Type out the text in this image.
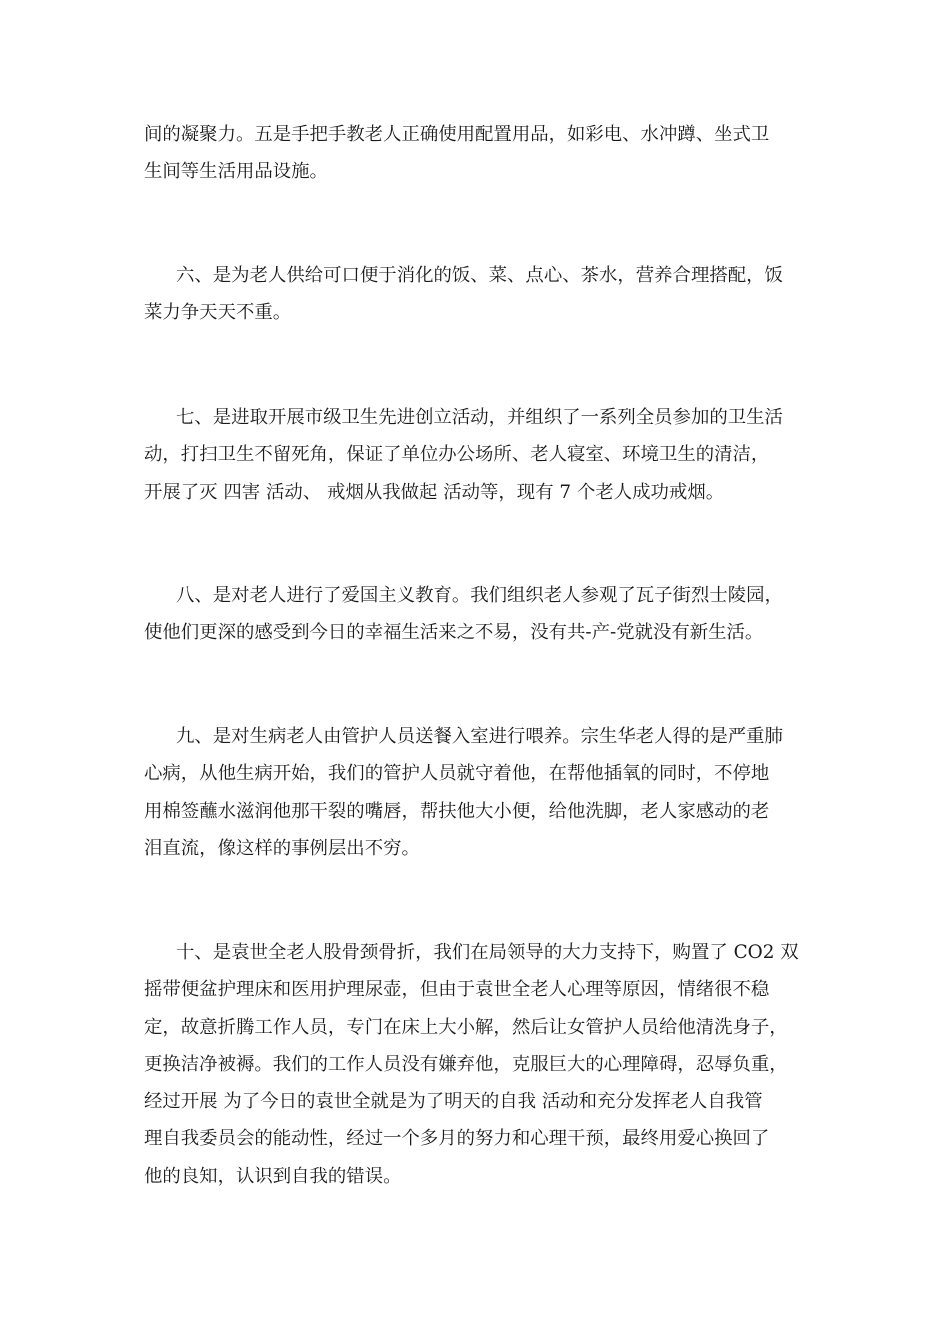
间的凝聚力。五是手把手教老人正确使用配置用品，如彩电、水冲蹲、坐式卫
生间等生活用品设施。
六、是为老人供给可口便于消化的饭、菜、点心、茶水，营养合理搭配，饭
菜力争天天不重。
七、是进取开展市级卫生先进创立活动，并组织了一系列全员参加的卫生活
动，打扫卫生不留死角，保证了单位办公场所、老人寝室、环境卫生的清洁，
开展了灭 四害 活动、 戒烟从我做起 活动等，现有 7 个老人成功戒烟。
八、是对老人进行了爱国主义教育。我们组织老人参观了瓦子街烈士陵园，
使他们更深的感受到今日的幸福生活来之不易，没有共-产-党就没有新生活。
九、是对生病老人由管护人员送餐入室进行喂养。宗生华老人得的是严重肺
心病，从他生病开始，我们的管护人员就守着他，在帮他插氧的同时，不停地
用棉签蘸水滋润他那干裂的嘴唇，帮扶他大小便，给他洗脚，老人家感动的老
泪直流，像这样的事例层出不穷。
十、是袁世全老人股骨颈骨折，我们在局领导的大力支持下，购置了 CO2 双
摇带便盆护理床和医用护理尿壶，但由于袁世全老人心理等原因，情绪很不稳
定，故意折腾工作人员，专门在床上大小解，然后让女管护人员给他清洗身子，
更换洁净被褥。我们的工作人员没有嫌弃他，克服巨大的心理障碍，忍辱负重，
经过开展 为了今日的袁世全就是为了明天的自我 活动和充分发挥老人自我管
理自我委员会的能动性，经过一个多月的努力和心理干预，最终用爱心换回了
他的良知，认识到自我的错误。
